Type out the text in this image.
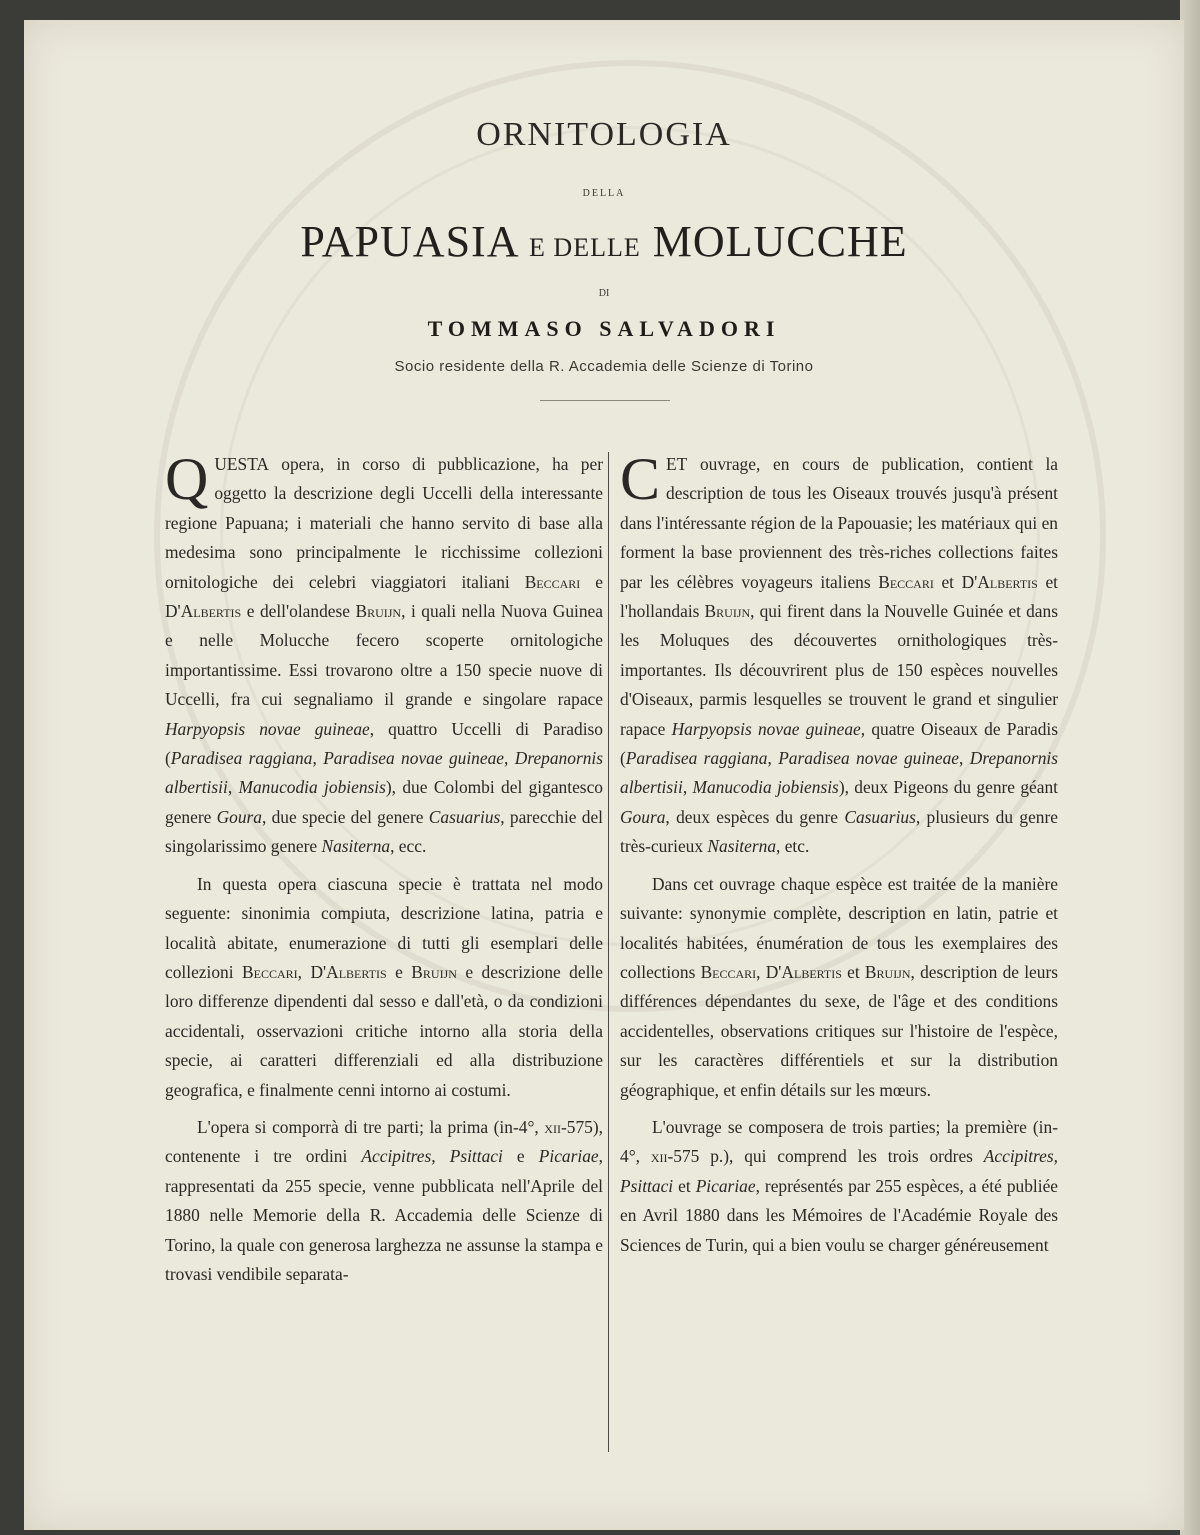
ORNITOLOGIA
DELLA
PAPUASIA E DELLE MOLUCCHE
DI
TOMMASO SALVADORI
Socio residente della R. Accademia delle Scienze di Torino

QUESTA opera, in corso di pubblicazione, ha per oggetto la descrizione degli Uccelli della interessante regione Papuana; i materiali che hanno servito di base alla medesima sono principalmente le ricchissime collezioni ornitologiche dei celebri viaggiatori italiani Beccari e D'Albertis e dell'olandese Bruijn, i quali nella Nuova Guinea e nelle Molucche fecero scoperte ornitologiche importantissime. Essi trovarono oltre a 150 specie nuove di Uccelli, fra cui segnaliamo il grande e singolare rapace Harpyopsis novae guineae, quattro Uccelli di Paradiso (Paradisea raggiana, Paradisea novae guineae, Drepanornis albertisii, Manucodia jobiensis), due Colombi del gigantesco genere Goura, due specie del genere Casuarius, parecchie del singolarissimo genere Nasiterna, ecc.

In questa opera ciascuna specie è trattata nel modo seguente: sinonimia compiuta, descrizione latina, patria e località abitate, enumerazione di tutti gli esemplari delle collezioni Beccari, D'Albertis e Bruijn e descrizione delle loro differenze dipendenti dal sesso e dall'età, o da condizioni accidentali, osservazioni critiche intorno alla storia della specie, ai caratteri differenziali ed alla distribuzione geografica, e finalmente cenni intorno ai costumi.

L'opera si comporrà di tre parti; la prima (in-4°, xii-575), contenente i tre ordini Accipitres, Psittaci e Picariae, rappresentati da 255 specie, venne pubblicata nell'Aprile del 1880 nelle Memorie della R. Accademia delle Scienze di Torino, la quale con generosa larghezza ne assunse la stampa e trovasi vendibile separata-

CET ouvrage, en cours de publication, contient la description de tous les Oiseaux trouvés jusqu'à présent dans l'intéressante région de la Papouasie; les matériaux qui en forment la base proviennent des très-riches collections faites par les célèbres voyageurs italiens Beccari et D'Albertis et l'hollandais Bruijn, qui firent dans la Nouvelle Guinée et dans les Moluques des découvertes ornithologiques très-importantes. Ils découvrirent plus de 150 espèces nouvelles d'Oiseaux, parmis lesquelles se trouvent le grand et singulier rapace Harpyopsis novae guineae, quatre Oiseaux de Paradis (Paradisea raggiana, Paradisea novae guineae, Drepanornis albertisii, Manucodia jobiensis), deux Pigeons du genre géant Goura, deux espèces du genre Casuarius, plusieurs du genre très-curieux Nasiterna, etc.

Dans cet ouvrage chaque espèce est traitée de la manière suivante: synonymie complète, description en latin, patrie et localités habitées, énumération de tous les exemplaires des collections Beccari, D'Albertis et Bruijn, description de leurs différences dépendantes du sexe, de l'âge et des conditions accidentelles, observations critiques sur l'histoire de l'espèce, sur les caractères différentiels et sur la distribution géographique, et enfin détails sur les mœurs.

L'ouvrage se composera de trois parties; la première (in-4°, xii-575 p.), qui comprend les trois ordres Accipitres, Psittaci et Picariae, représentés par 255 espèces, a été publiée en Avril 1880 dans les Mémoires de l'Académie Royale des Sciences de Turin, qui a bien voulu se charger généreusement
